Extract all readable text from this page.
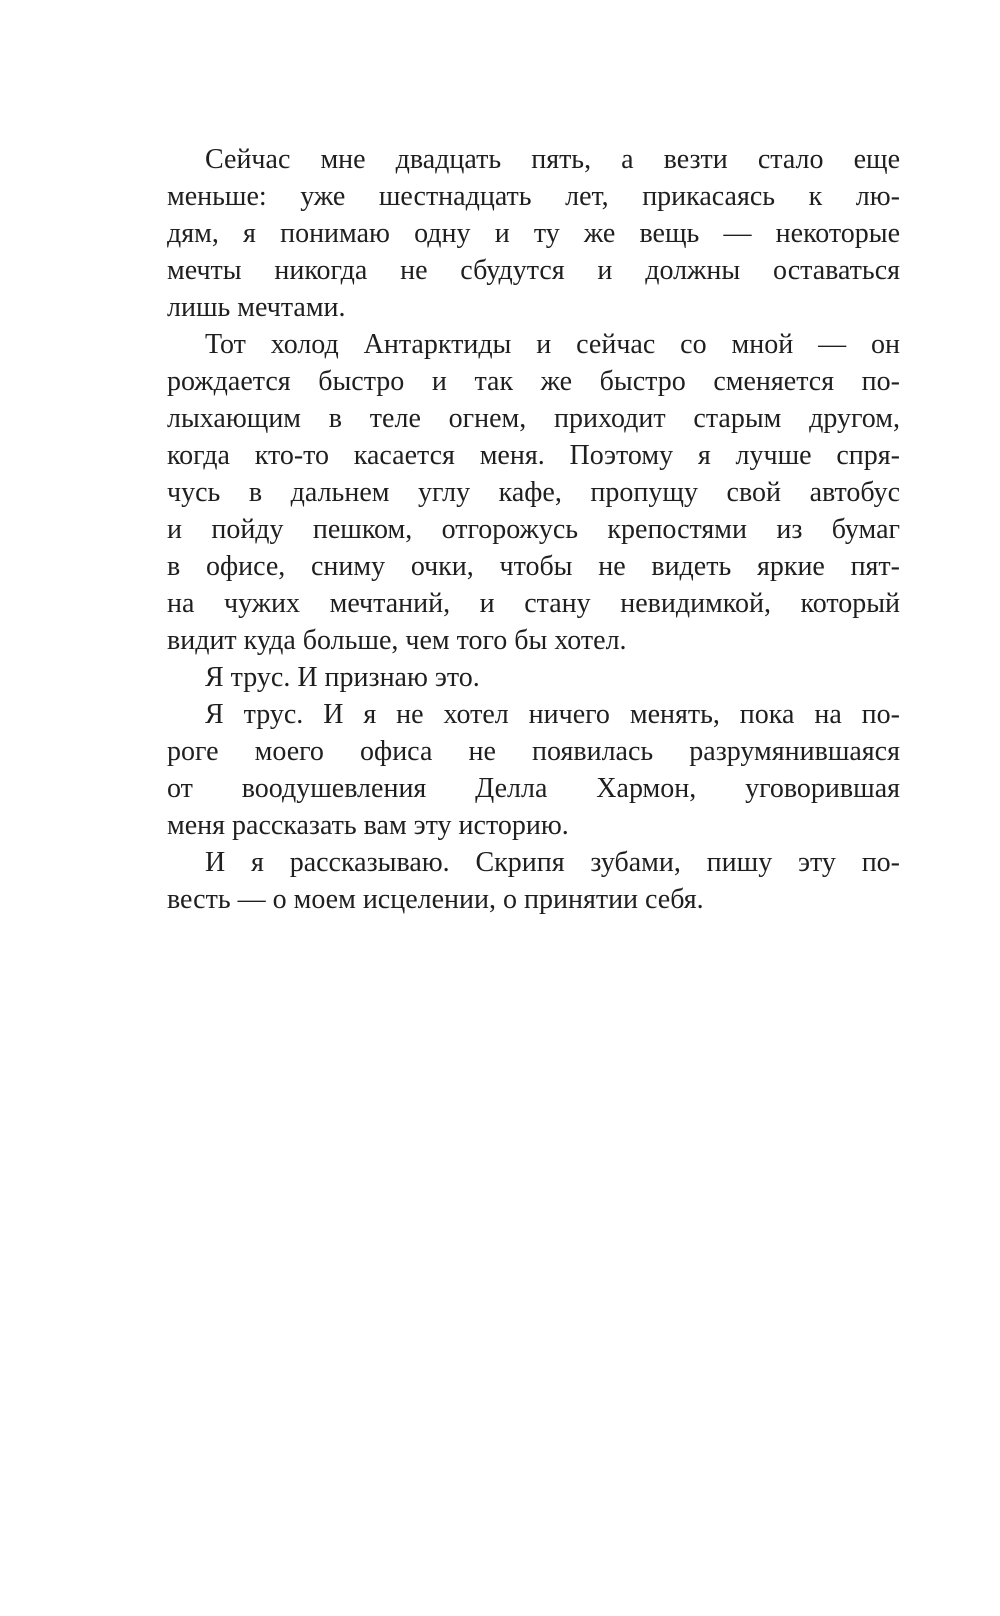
Сейчас мне двадцать пять, а везти стало еще
меньше: уже шестнадцать лет, прикасаясь к лю-
дям, я понимаю одну и ту же вещь — некоторые
мечты никогда не сбудутся и должны оставаться
лишь мечтами.
Тот холод Антарктиды и сейчас со мной — он
рождается быстро и так же быстро сменяется по-
лыхающим в теле огнем, приходит старым другом,
когда кто-то касается меня. Поэтому я лучше спря-
чусь в дальнем углу кафе, пропущу свой автобус
и пойду пешком, отгорожусь крепостями из бумаг
в офисе, сниму очки, чтобы не видеть яркие пят-
на чужих мечтаний, и стану невидимкой, который
видит куда больше, чем того бы хотел.
Я трус. И признаю это.
Я трус. И я не хотел ничего менять, пока на по-
роге моего офиса не появилась разрумянившаяся
от воодушевления Делла Хармон, уговорившая
меня рассказать вам эту историю.
И я рассказываю. Скрипя зубами, пишу эту по-
весть — о моем исцелении, о принятии себя.
